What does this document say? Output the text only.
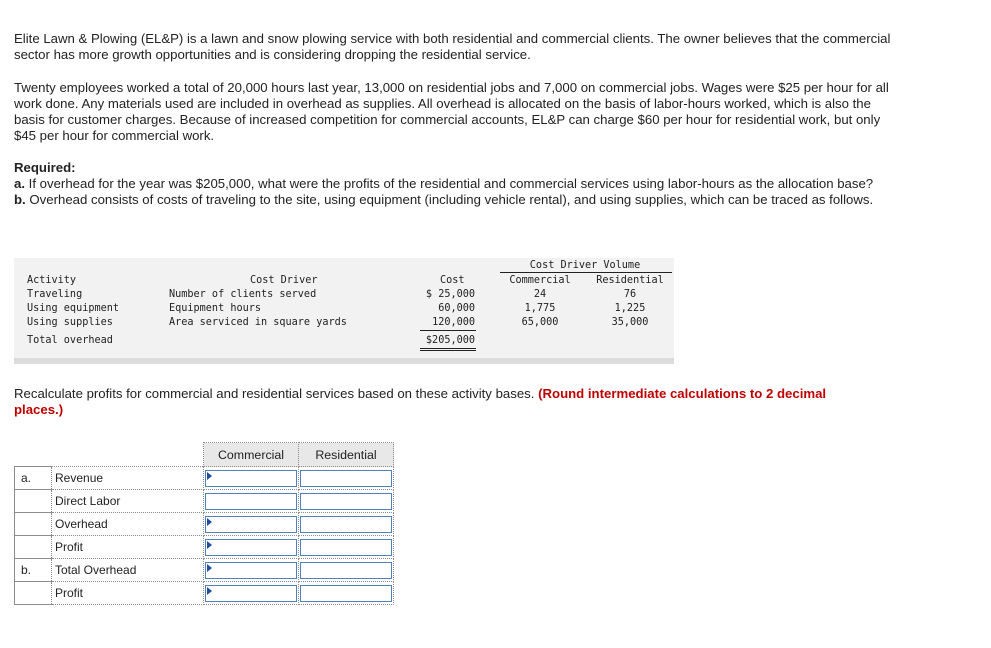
Elite Lawn & Plowing (EL&P) is a lawn and snow plowing service with both residential and commercial clients. The owner believes that the commercial sector has more growth opportunities and is considering dropping the residential service.

Twenty employees worked a total of 20,000 hours last year, 13,000 on residential jobs and 7,000 on commercial jobs. Wages were $25 per hour for all work done. Any materials used are included in overhead as supplies. All overhead is allocated on the basis of labor-hours worked, which is also the basis for customer charges. Because of increased competition for commercial accounts, EL&P can charge $60 per hour for residential work, but only $45 per hour for commercial work.

Required:
a. If overhead for the year was $205,000, what were the profits of the residential and commercial services using labor-hours as the allocation base?
b. Overhead consists of costs of traveling to the site, using equipment (including vehicle rental), and using supplies, which can be traced as follows.
Cost Driver Volume
Activity	Cost Driver	Cost	Commercial	Residential
Traveling	Number of clients served	$ 25,000	24	76
Using equipment	Equipment hours	60,000	1,775	1,225
Using supplies	Area serviced in square yards	120,000	65,000	35,000
Total overhead	$205,000

Recalculate profits for commercial and residential services based on these activity bases. (Round intermediate calculations to 2 decimal places.)

		Commercial	Residential
a.	Revenue	

	Direct Labor	

	Overhead	

	Profit	

b.	Total Overhead	

	Profit	
